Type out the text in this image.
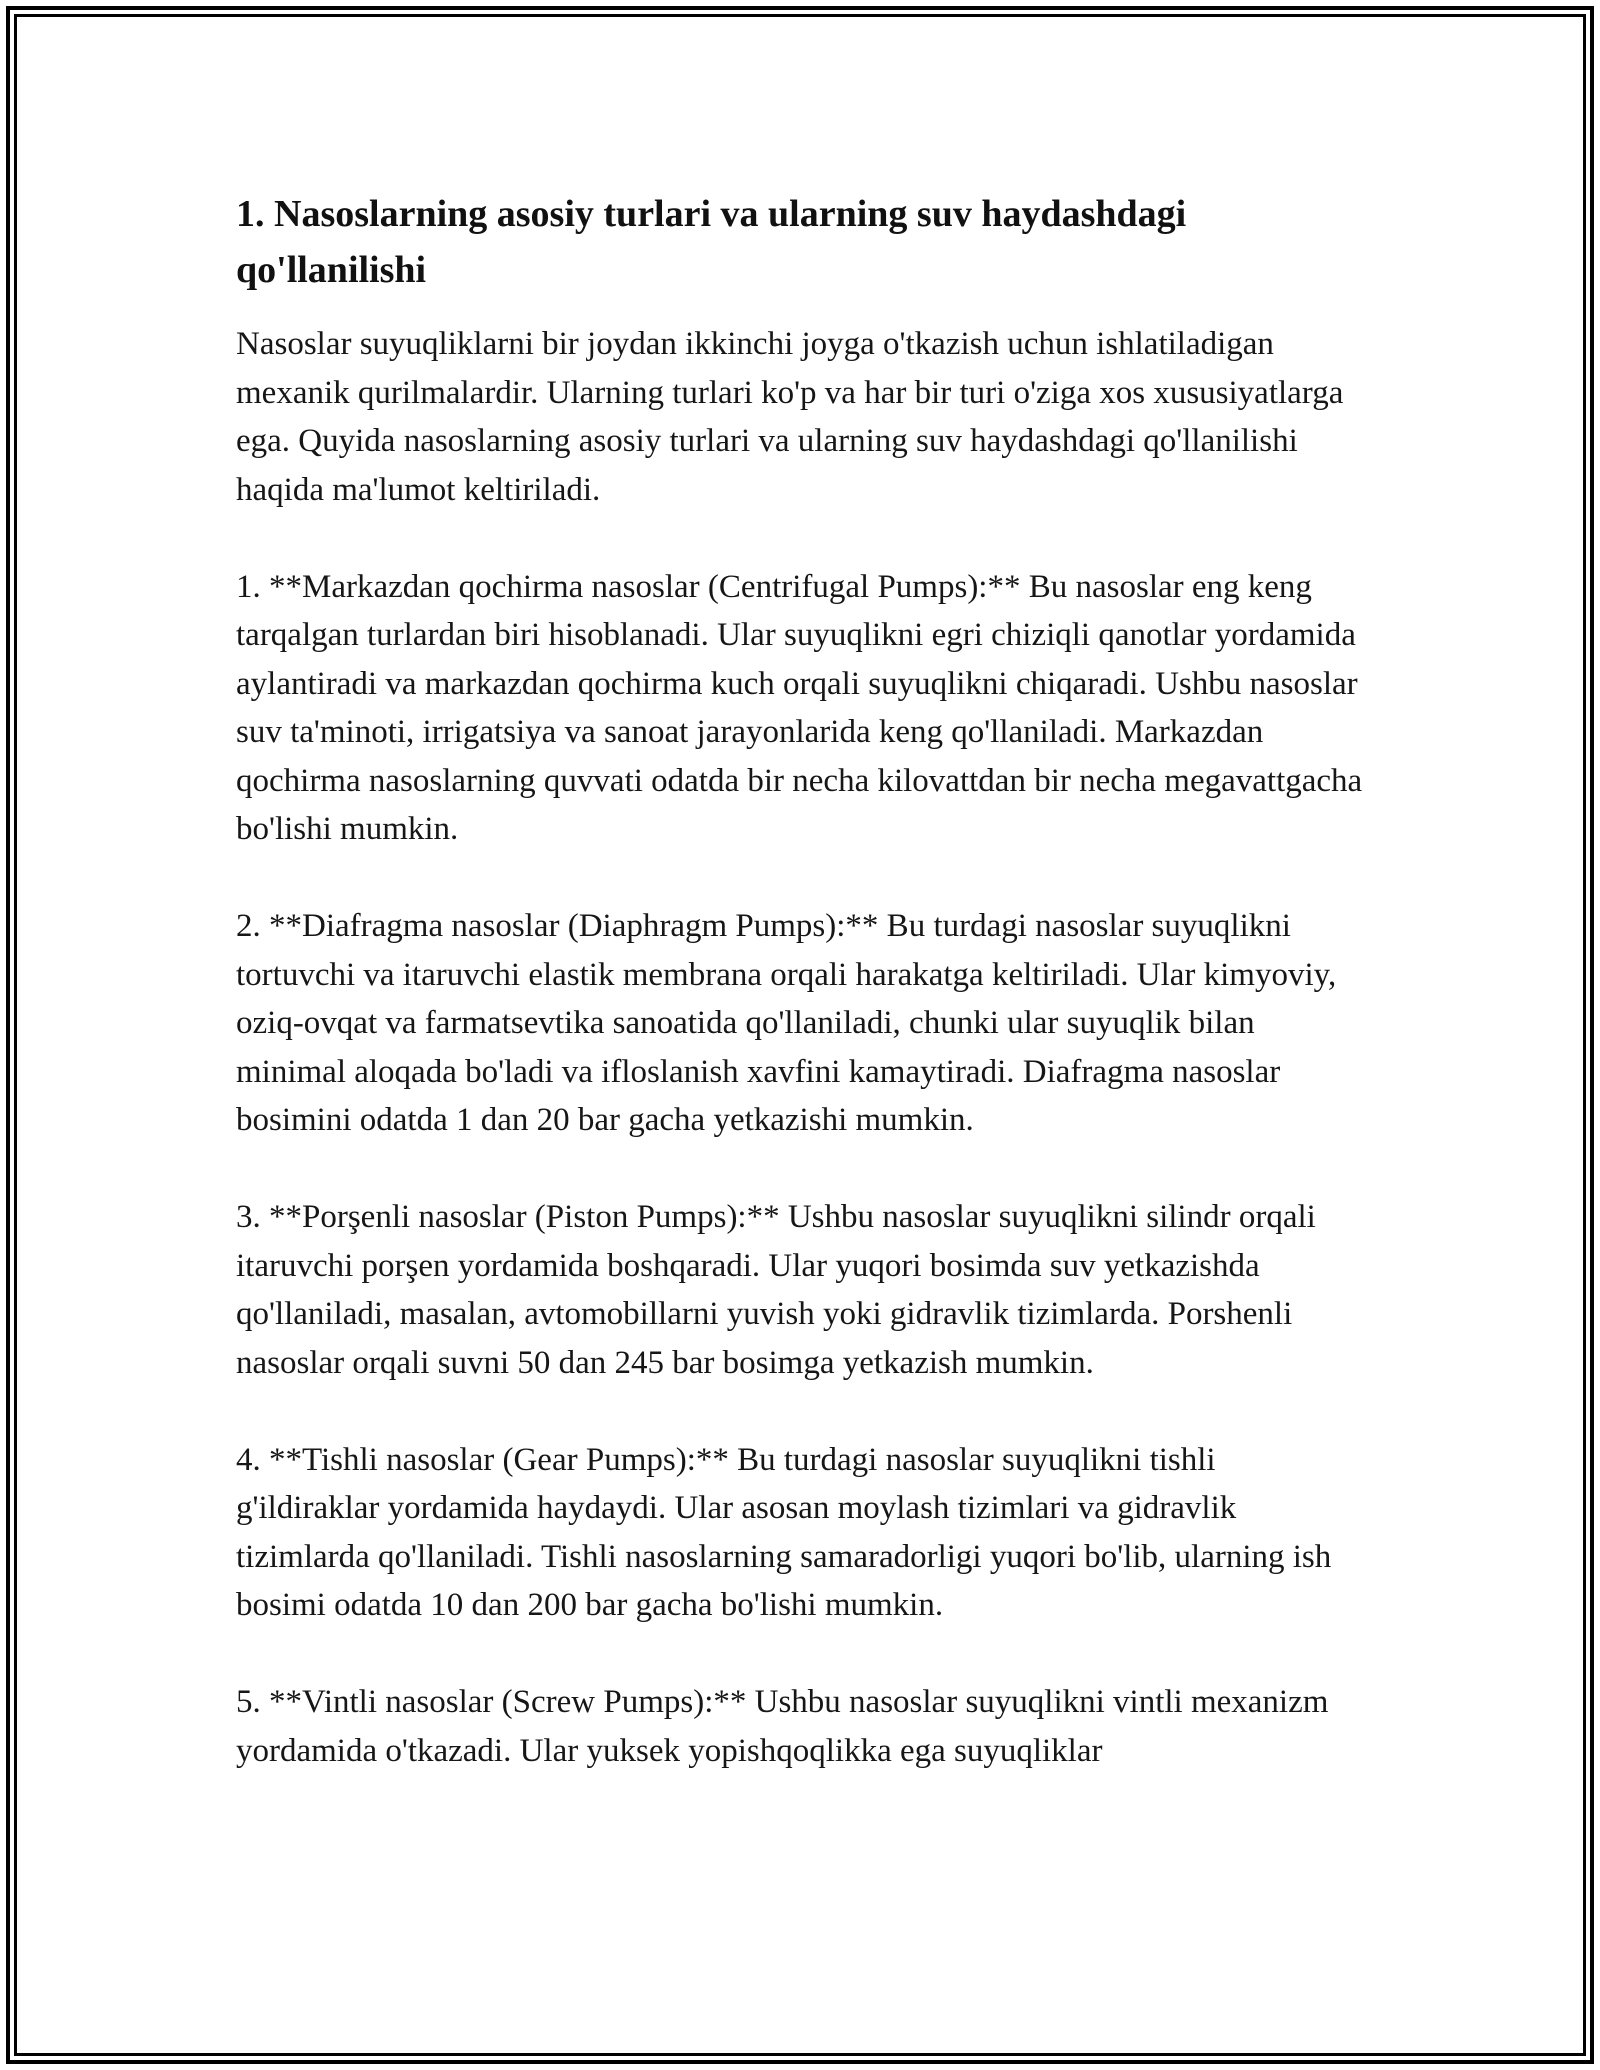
1. Nasoslarning asosiy turlari va ularning suv haydashdagi qo'llanilishi

Nasoslar suyuqliklarni bir joydan ikkinchi joyga o'tkazish uchun ishlatiladigan mexanik qurilmalardir. Ularning turlari ko'p va har bir turi o'ziga xos xususiyatlarga ega. Quyida nasoslarning asosiy turlari va ularning suv haydashdagi qo'llanilishi haqida ma'lumot keltiriladi.

1. **Markazdan qochirma nasoslar (Centrifugal Pumps):** Bu nasoslar eng keng tarqalgan turlardan biri hisoblanadi. Ular suyuqlikni egri chiziqli qanotlar yordamida aylantiradi va markazdan qochirma kuch orqali suyuqlikni chiqaradi. Ushbu nasoslar suv ta'minoti, irrigatsiya va sanoat jarayonlarida keng qo'llaniladi. Markazdan qochirma nasoslarning quvvati odatda bir necha kilovattdan bir necha megavattgacha bo'lishi mumkin.

2. **Diafragma nasoslar (Diaphragm Pumps):** Bu turdagi nasoslar suyuqlikni tortuvchi va itaruvchi elastik membrana orqali harakatga keltiriladi. Ular kimyoviy, oziq-ovqat va farmatsevtika sanoatida qo'llaniladi, chunki ular suyuqlik bilan minimal aloqada bo'ladi va ifloslanish xavfini kamaytiradi. Diafragma nasoslar bosimini odatda 1 dan 20 bar gacha yetkazishi mumkin.

3. **Porşenli nasoslar (Piston Pumps):** Ushbu nasoslar suyuqlikni silindr orqali itaruvchi porşen yordamida boshqaradi. Ular yuqori bosimda suv yetkazishda qo'llaniladi, masalan, avtomobillarni yuvish yoki gidravlik tizimlarda. Porshenli nasoslar orqali suvni 50 dan 245 bar bosimga yetkazish mumkin.

4. **Tishli nasoslar (Gear Pumps):** Bu turdagi nasoslar suyuqlikni tishli g'ildiraklar yordamida haydaydi. Ular asosan moylash tizimlari va gidravlik tizimlarda qo'llaniladi. Tishli nasoslarning samaradorligi yuqori bo'lib, ularning ish bosimi odatda 10 dan 200 bar gacha bo'lishi mumkin.

5. **Vintli nasoslar (Screw Pumps):** Ushbu nasoslar suyuqlikni vintli mexanizm yordamida o'tkazadi. Ular yuksek yopishqoqlikka ega suyuqliklar
